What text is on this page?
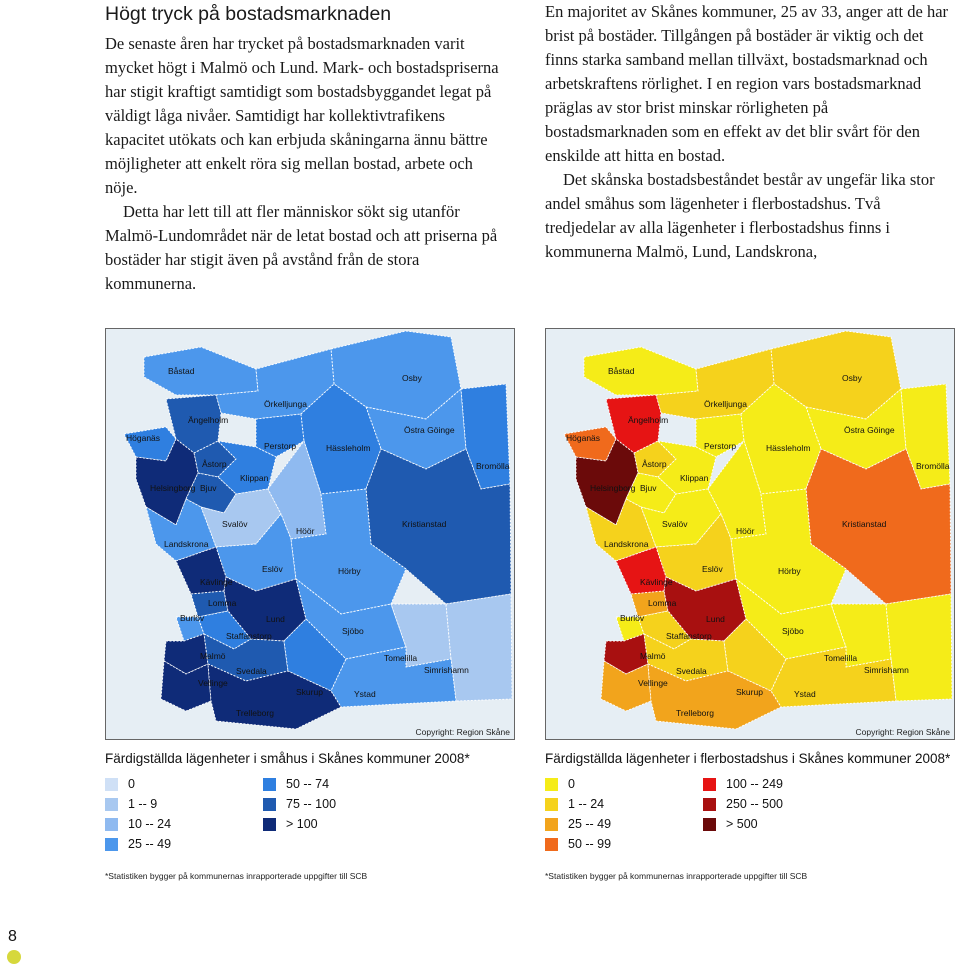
Högt tryck på bostadsmarknaden

De senaste åren har trycket på bostadsmarknaden varit mycket högt i Malmö och Lund. Mark- och bostadspriserna har stigit kraftigt samtidigt som bostadsbyggandet legat på väldigt låga nivåer. Samtidigt har kollektivtrafikens kapacitet utökats och kan erbjuda skåningarna ännu bättre möjligheter att enkelt röra sig mellan bostad, arbete och nöje.

Detta har lett till att fler människor sökt sig utanför Malmö-Lundområdet när de letat bostad och att priserna på bostäder har stigit även på avstånd från de stora kommunerna.

En majoritet av Skånes kommuner, 25 av 33, anger att de har brist på bostäder. Tillgången på bostäder är viktig och det finns starka samband mellan tillväxt, bostadsmarknad och arbetskraftens rörlighet. I en region vars bostadsmarknad präglas av stor brist minskar rörligheten på bostadsmarknaden som en effekt av det blir svårt för den enskilde att hitta en bostad.

Det skånska bostadsbeståndet består av ungefär lika stor andel småhus som lägenheter i flerbostadshus. Två tredjedelar av alla lägenheter i flerbostadshus finns i kommunerna Malmö, Lund, Landskrona,

Båstad
Osby
Örkelljunga
Ängelholm
Höganäs
Östra Göinge
Perstorp	Hässleholm
Åstorp	Bromölla
Klippan
Helsingborg Bjuv
Svalöv
Höör
Kristianstad
Landskrona
Eslöv	Hörby
Kävlinge
Lomma
Burlöv	Lund
Staffanstorp	Sjöbo
Malmö	Tomelilla
Svedala	Simrishamn
Vellinge
Skurup	Ystad
Trelleborg
Copyright: Region Skåne
Båstad
Osby
Örkelljunga
Ängelholm
Höganäs
Östra Göinge
Perstorp	Hässleholm
Åstorp	Bromölla
Klippan
Helsingborg Bjuv
Svalöv
Höör
Kristianstad
Landskrona
Eslöv	Hörby
Kävlinge
Lomma
Burlöv	Lund
Staffanstorp	Sjöbo
Malmö	Tomelilla
Svedala	Simrishamn
Vellinge
Skurup	Ystad
Trelleborg
Copyright: Region Skåne
Färdigställda lägenheter i småhus i Skånes kommuner 2008*
0
1 -- 9
10 -- 24
25 -- 49
50 -- 74
75 -- 100
> 100
*Statistiken bygger på kommunernas inrapporterade uppgifter till SCB
Färdigställda lägenheter i flerbostadshus i Skånes kommuner 2008*
0
1 -- 24
25 -- 49
50 -- 99
100 -- 249
250 -- 500
> 500
*Statistiken bygger på kommunernas inrapporterade uppgifter till SCB
8
